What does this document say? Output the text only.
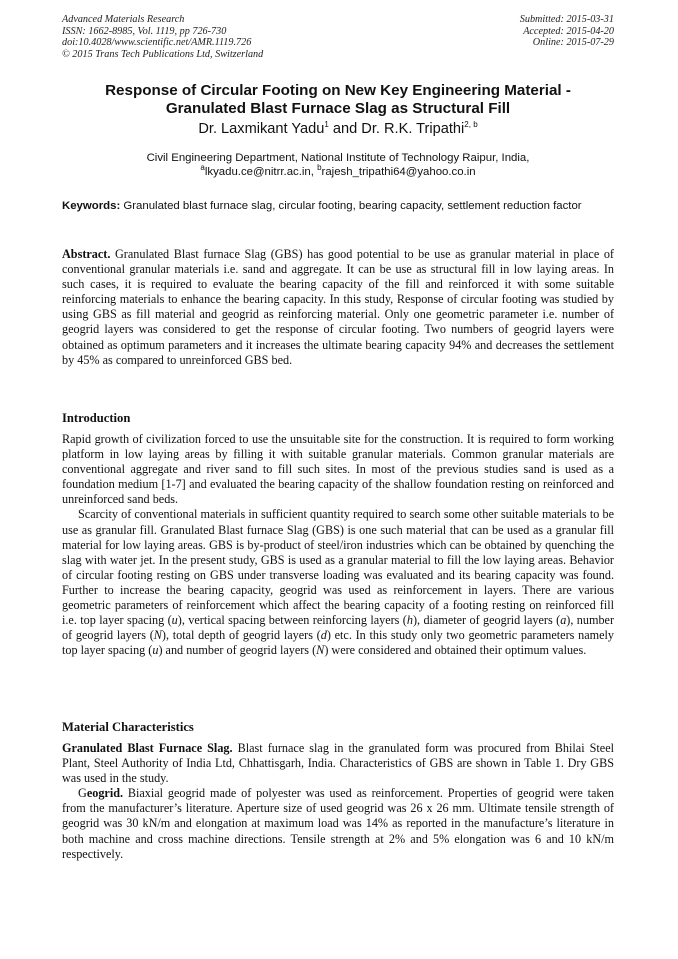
Advanced Materials Research
ISSN: 1662-8985, Vol. 1119, pp 726-730
doi:10.4028/www.scientific.net/AMR.1119.726
© 2015 Trans Tech Publications Ltd, Switzerland
Submitted: 2015-03-31
Accepted: 2015-04-20
Online: 2015-07-29
Response of Circular Footing on New Key Engineering Material -
Granulated Blast Furnace Slag as Structural Fill
Dr. Laxmikant Yadu$^1$ and Dr. R.K. Tripathi$^{2, b}$
Civil Engineering Department, National Institute of Technology Raipur, India,
$^a$lkyadu.ce@nitrr.ac.in, $^b$rajesh_tripathi64@yahoo.co.in
Keywords: Granulated blast furnace slag, circular footing, bearing capacity, settlement reduction factor

Abstract. Granulated Blast furnace Slag (GBS) has good potential to be use as granular material in place of conventional granular materials i.e. sand and aggregate. It can be use as structural fill in low laying areas. In such cases, it is required to evaluate the bearing capacity of the fill and reinforced it with some suitable reinforcing materials to enhance the bearing capacity. In this study, Response of circular footing was studied by using GBS as fill material and geogrid as reinforcing material. Only one geometric parameter i.e. number of geogrid layers was considered to get the response of circular footing. Two numbers of geogrid layers were obtained as optimum parameters and it increases the ultimate bearing capacity 94% and decreases the settlement by 45% as compared to unreinforced GBS bed.

Introduction

Rapid growth of civilization forced to use the unsuitable site for the construction. It is required to form working platform in low laying areas by filling it with suitable granular materials. Common granular materials are conventional aggregate and river sand to fill such sites. In most of the previous studies sand is used as a foundation medium [1-7] and evaluated the bearing capacity of the shallow foundation resting on reinforced and unreinforced sand beds.

Scarcity of conventional materials in sufficient quantity required to search some other suitable materials to be use as granular fill. Granulated Blast furnace Slag (GBS) is one such material that can be used as a granular fill material for low laying areas. GBS is by-product of steel/iron industries which can be obtained by quenching the slag with water jet. In the present study, GBS is used as a granular material to fill the low laying areas. Behavior of circular footing resting on GBS under transverse loading was evaluated and its bearing capacity was found. Further to increase the bearing capacity, geogrid was used as reinforcement in layers. There are various geometric parameters of reinforcement which affect the bearing capacity of a footing resting on reinforced fill i.e. top layer spacing (u), vertical spacing between reinforcing layers (h), diameter of geogrid layers (a), number of geogrid layers (N), total depth of geogrid layers (d) etc. In this study only two geometric parameters namely top layer spacing (u) and number of geogrid layers (N) were considered and obtained their optimum values.

Material Characteristics

Granulated Blast Furnace Slag. Blast furnace slag in the granulated form was procured from Bhilai Steel Plant, Steel Authority of India Ltd, Chhattisgarh, India. Characteristics of GBS are shown in Table 1. Dry GBS was used in the study.

Geogrid. Biaxial geogrid made of polyester was used as reinforcement. Properties of geogrid were taken from the manufacturer’s literature. Aperture size of used geogrid was 26 x 26 mm. Ultimate tensile strength of geogrid was 30 kN/m and elongation at maximum load was 14% as reported in the manufacture’s literature in both machine and cross machine directions. Tensile strength at 2% and 5% elongation was 6 and 10 kN/m respectively.
